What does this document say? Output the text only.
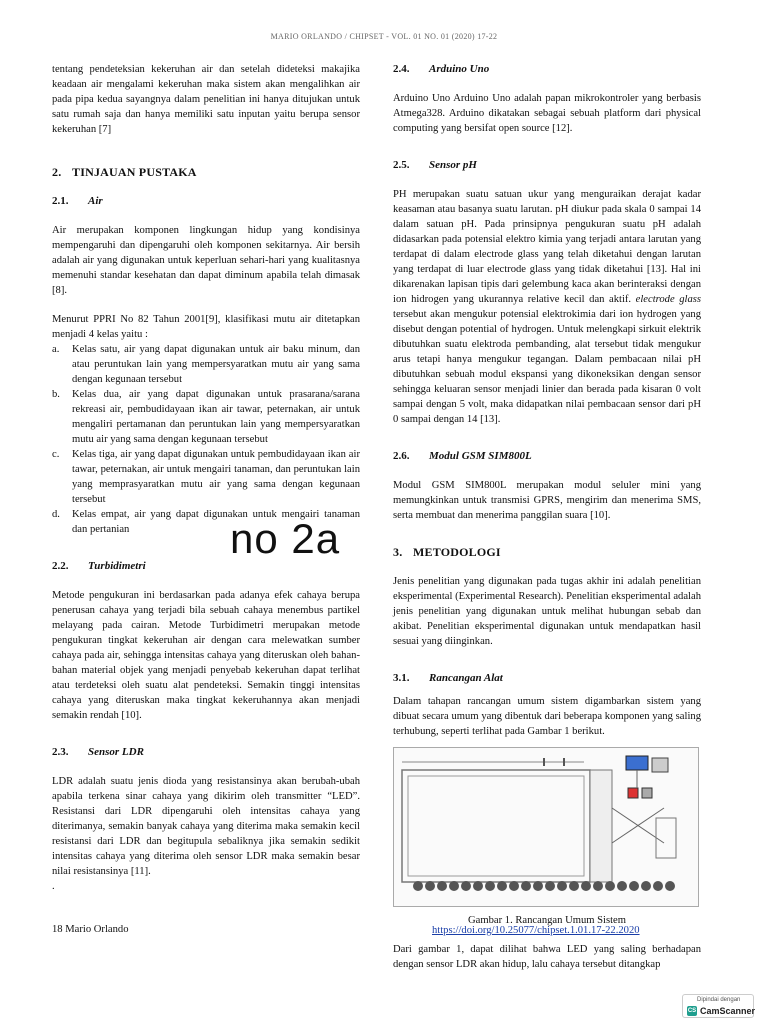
MARIO ORLANDO / CHIPSET - VOL. 01 NO. 01 (2020) 17-22

tentang pendeteksian kekeruhan air dan setelah dideteksi makajika keadaan air mengalami kekeruhan maka sistem akan mengalihkan air pada pipa kedua sayangnya dalam penelitian ini hanya ditujukan untuk satu rumah saja dan hanya memiliki satu inputan yaitu berupa sensor kekeruhan [7]

2. TINJAUAN PUSTAKA
2.1. Air

Air merupakan komponen lingkungan hidup yang kondisinya mempengaruhi dan dipengaruhi oleh komponen sekitarnya. Air bersih adalah air yang digunakan untuk keperluan sehari-hari yang kualitasnya memenuhi standar kesehatan dan dapat diminum apabila telah dimasak [8].

Menurut PPRI No 82 Tahun 2001[9], klasifikasi mutu air ditetapkan menjadi 4 kelas yaitu :

a.	Kelas satu, air yang dapat digunakan untuk air baku minum, dan atau peruntukan lain yang mempersyaratkan mutu air yang sama dengan kegunaan tersebut
b.	Kelas dua, air yang dapat digunakan untuk prasarana/sarana rekreasi air, pembudidayaan ikan air tawar, peternakan, air untuk mengaliri pertamanan dan peruntukan lain yang mempersyaratkan mutu air yang sama dengan kegunaan tersebut
c.	Kelas tiga, air yang dapat digunakan untuk pembudidayaan ikan air tawar, peternakan, air untuk mengairi tanaman, dan peruntukan lain yang memprasyaratkan mutu air yang sama dengan kegunaan tersebut
d.	Kelas empat, air yang dapat digunakan untuk mengairi tanaman dan pertanian
2.2. Turbidimetri

Metode pengukuran ini berdasarkan pada adanya efek cahaya berupa penerusan cahaya yang terjadi bila sebuah cahaya menembus partikel melayang pada cairan. Metode Turbidimetri merupakan metode pengukuran tingkat kekeruhan air dengan cara melewatkan sumber cahaya pada air, sehingga intensitas cahaya yang diteruskan oleh bahan-bahan material objek yang menjadi penyebab kekeruhan dapat terlihat atau terdeteksi oleh suatu alat pendeteksi. Semakin tinggi intensitas cahaya yang diteruskan maka tingkat kekeruhannya akan menjadi semakin rendah [10].

2.3. Sensor LDR

LDR adalah suatu jenis dioda yang resistansinya akan berubah-ubah apabila terkena sinar cahaya yang dikirim oleh transmitter “LED”. Resistansi dari LDR dipengaruhi oleh intensitas cahaya yang diterimanya, semakin banyak cahaya yang diterima maka semakin kecil resistansi dari LDR dan begitupula sebaliknya jika semakin sedikit intensitas cahaya yang diterima oleh sensor LDR maka semakin besar nilai resistansinya [11].

.

no 2a
2.4. Arduino Uno

Arduino Uno Arduino Uno adalah papan mikrokontroler yang berbasis Atmega328. Arduino dikatakan sebagai sebuah platform dari physical computing yang bersifat open source [12].

2.5. Sensor pH

PH merupakan suatu satuan ukur yang menguraikan derajat kadar keasaman atau basanya suatu larutan. pH diukur pada skala 0 sampai 14 dalam satuan pH. Pada prinsipnya pengukuran suatu pH adalah didasarkan pada potensial elektro kimia yang terjadi antara larutan yang terdapat di dalam electrode glass yang telah diketahui dengan larutan yang terdapat di luar electrode glass yang tidak diketahui [13]. Hal ini dikarenakan lapisan tipis dari gelembung kaca akan berinteraksi dengan ion hidrogen yang ukurannya relative kecil dan aktif. electrode glass tersebut akan mengukur potensial elektrokimia dari ion hydrogen yang disebut dengan potential of hydrogen. Untuk melengkapi sirkuit elektrik dibutuhkan suatu elektroda pembanding, alat tersebut tidak mengukur arus tetapi hanya mengukur tegangan. Dalam pembacaan nilai pH dibutuhkan sebuah modul ekspansi yang dikoneksikan dengan sensor sehingga keluaran sensor menjadi linier dan berada pada kisaran 0 volt sampai dengan 5 volt, maka didapatkan nilai pembacaan sensor dari pH 0 sampai dengan 14 [13].

2.6. Modul GSM SIM800L

Modul GSM SIM800L merupakan modul seluler mini yang memungkinkan untuk transmisi GPRS, mengirim dan menerima SMS, serta membuat dan menerima panggilan suara [10].

3. METODOLOGI

Jenis penelitian yang digunakan pada tugas akhir ini adalah penelitian eksperimental (Experimental Research). Penelitian eksperimental adalah jenis penelitian yang digunakan untuk melihat hubungan sebab dan akibat. Penelitian eksperimental digunakan untuk mendapatkan hasil sesuai yang diinginkan.

3.1. Rancangan Alat

Dalam tahapan rancangan umum sistem digambarkan sistem yang dibuat secara umum yang dibentuk dari beberapa komponen yang saling terhubung, seperti terlihat pada Gambar 1 berikut.

Gambar 1. Rancangan Umum Sistem

Dari gambar 1, dapat dilihat bahwa LED yang saling berhadapan dengan sensor LDR akan hidup, lalu cahaya tersebut ditangkap

18 Mario Orlando	https://doi.org/10.25077/chipset.1.01.17-22.2020
Dipindai dengan
CS CamScanner
